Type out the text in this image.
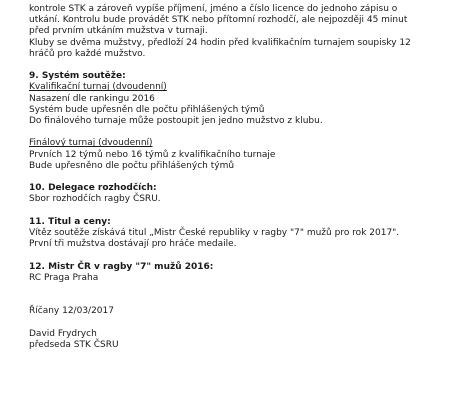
kontrole STK a zároveň vypíše příjmení, jméno a číslo licence do jednoho zápisu o
utkání. Kontrolu bude provádět STK nebo přítomní rozhodčí, ale nejpozději 45 minut
před prvním utkáním mužstva v turnaji.
Kluby se dvěma mužstvy, předloží 24 hodin před kvalifikačním turnajem soupisky 12
hráčů pro každé mužstvo.
9. Systém soutěže:
Kvalifikační turnaj (dvoudenní)
Nasazení dle rankingu 2016
Systém bude upřesněn dle počtu přihlášených týmů
Do finálového turnaje může postoupit jen jedno mužstvo z klubu.
Finálový turnaj (dvoudenní)
Prvních 12 týmů nebo 16 týmů z kvalifikačního turnaje
Bude upřesněno dle počtu přihlášených týmů
10. Delegace rozhodčích:
Sbor rozhodčích ragby ČSRU.
11. Titul a ceny:
Vítěz soutěže získává titul „Mistr České republiky v ragby "7" mužů pro rok 2017".
První tři mužstva dostávají pro hráče medaile.
12. Mistr ČR v ragby "7" mužů 2016:
RC Praga Praha
Říčany 12/03/2017
David Frydrych
předseda STK ČSRU
